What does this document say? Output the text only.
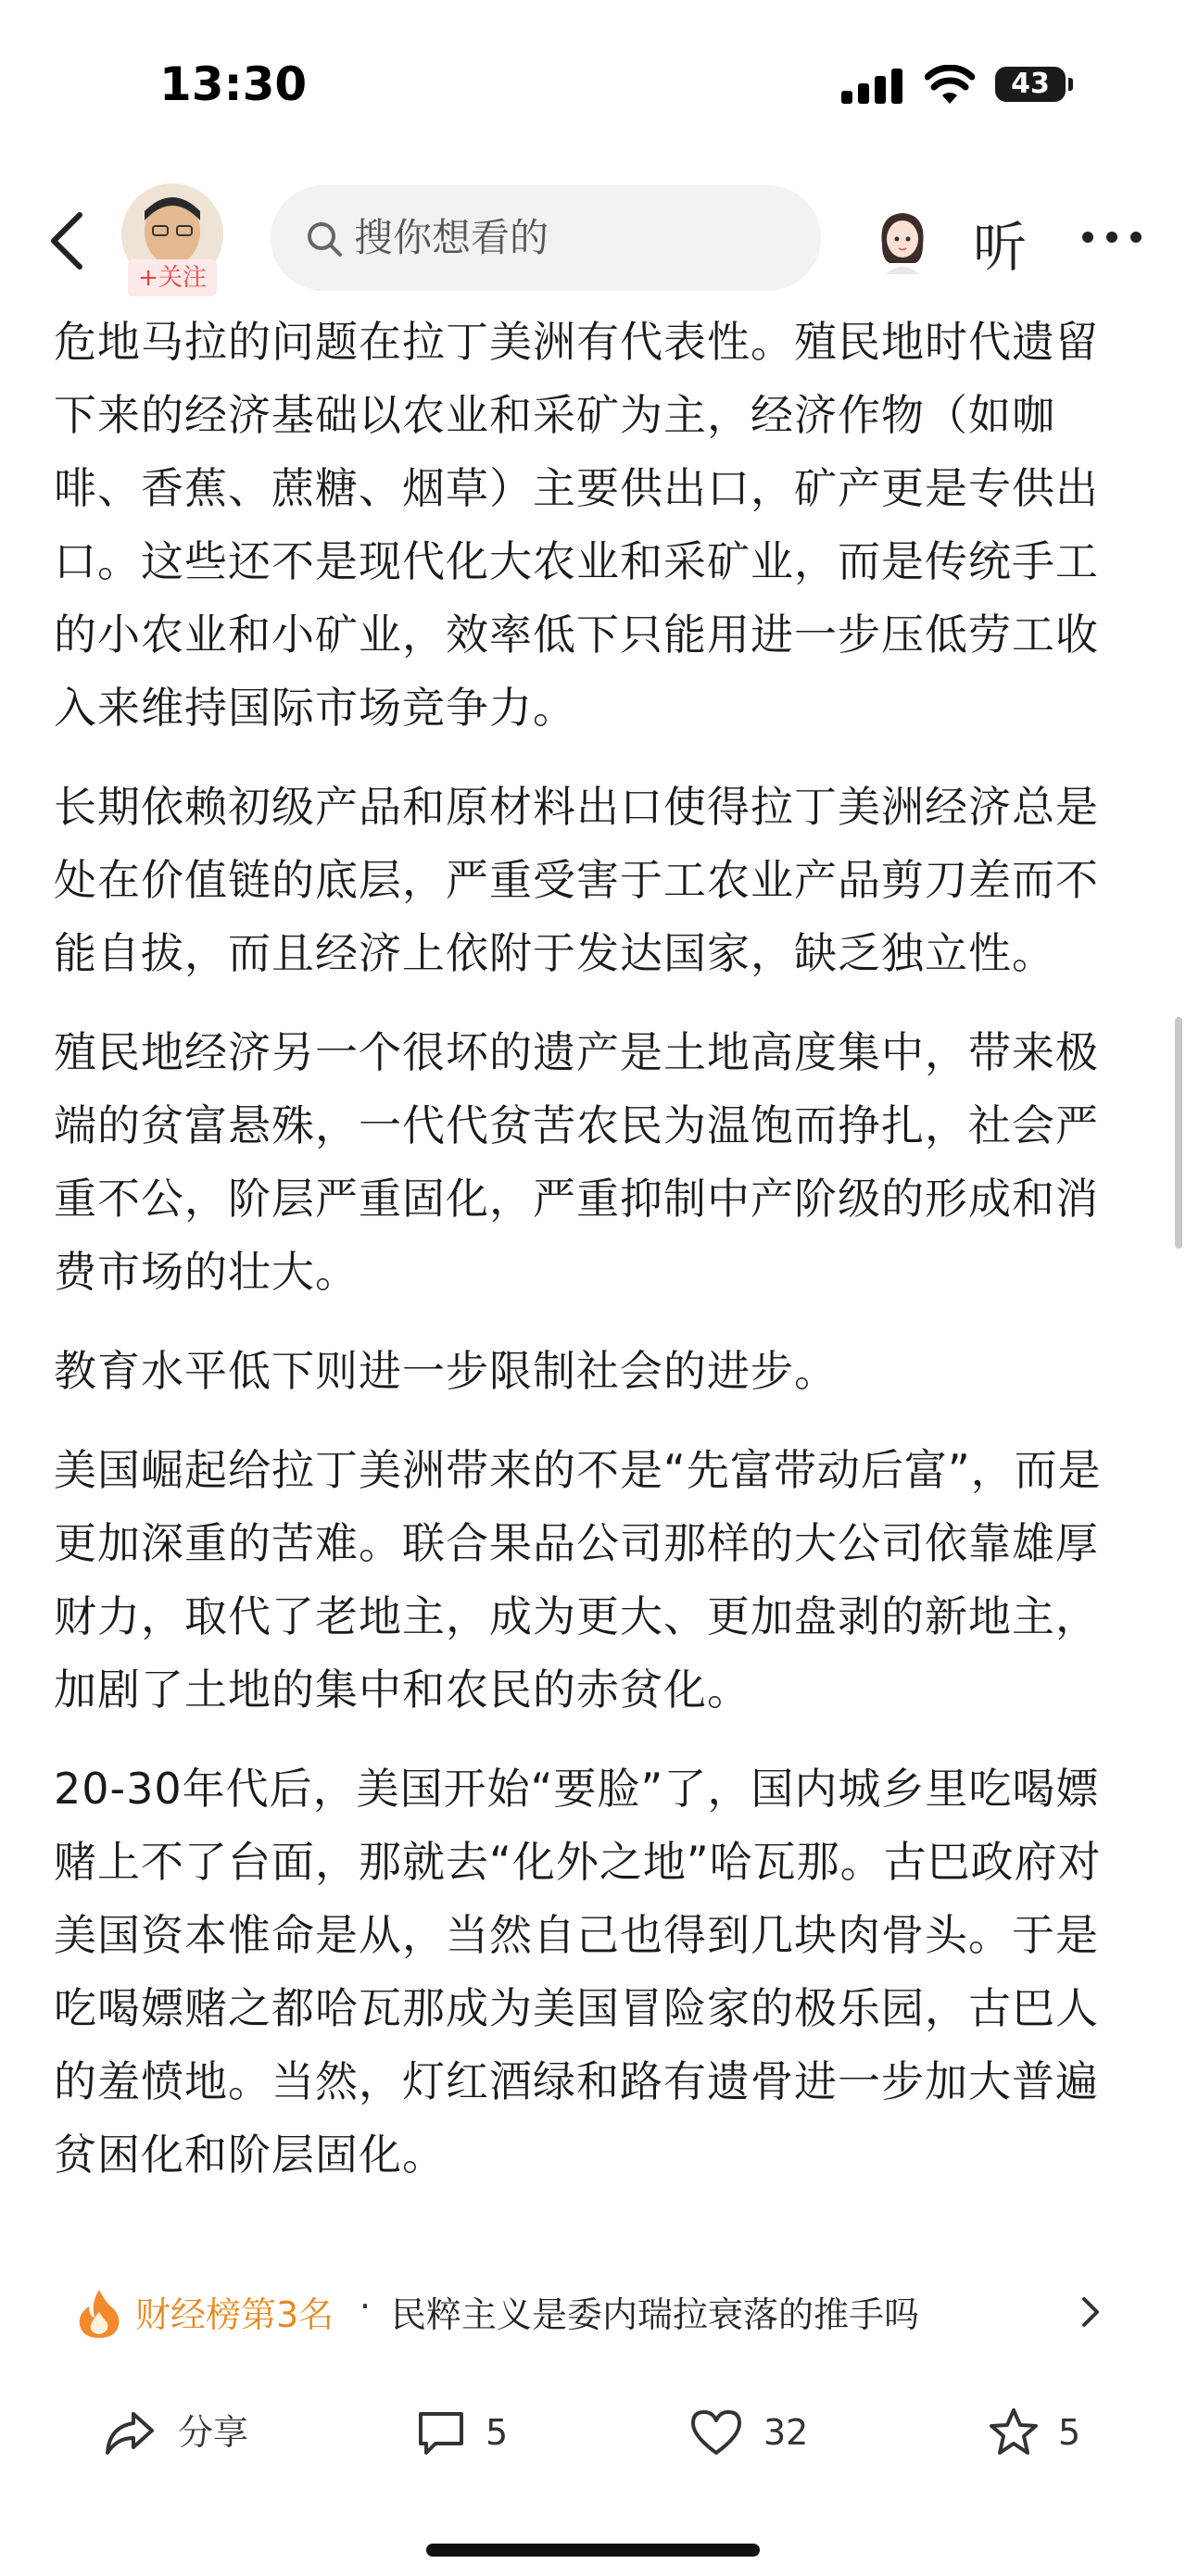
13:30	43
+关注
搜你想看的	听

危地马拉的问题在拉丁美洲有代表性。殖民地时代遗留下来的经济基础以农业和采矿为主，经济作物（如咖啡、香蕉、蔗糖、烟草）主要供出口，矿产更是专供出口。这些还不是现代化大农业和采矿业，而是传统手工的小农业和小矿业，效率低下只能用进一步压低劳工收入来维持国际市场竞争力。

长期依赖初级产品和原材料出口使得拉丁美洲经济总是处在价值链的底层，严重受害于工农业产品剪刀差而不能自拔，而且经济上依附于发达国家，缺乏独立性。

殖民地经济另一个很坏的遗产是土地高度集中，带来极端的贫富悬殊，一代代贫苦农民为温饱而挣扎，社会严重不公，阶层严重固化，严重抑制中产阶级的形成和消费市场的壮大。

教育水平低下则进一步限制社会的进步。

美国崛起给拉丁美洲带来的不是“先富带动后富”，而是更加深重的苦难。联合果品公司那样的大公司依靠雄厚财力，取代了老地主，成为更大、更加盘剥的新地主，加剧了土地的集中和农民的赤贫化。

20-30年代后，美国开始“要脸”了，国内城乡里吃喝嫖赌上不了台面，那就去“化外之地”哈瓦那。古巴政府对美国资本惟命是从，当然自己也得到几块肉骨头。于是吃喝嫖赌之都哈瓦那成为美国冒险家的极乐园，古巴人的羞愤地。当然，灯红酒绿和路有遗骨进一步加大普遍贫困化和阶层固化。

财经榜第3名 · 民粹主义是委内瑞拉衰落的推手吗
分享	5	32	5
